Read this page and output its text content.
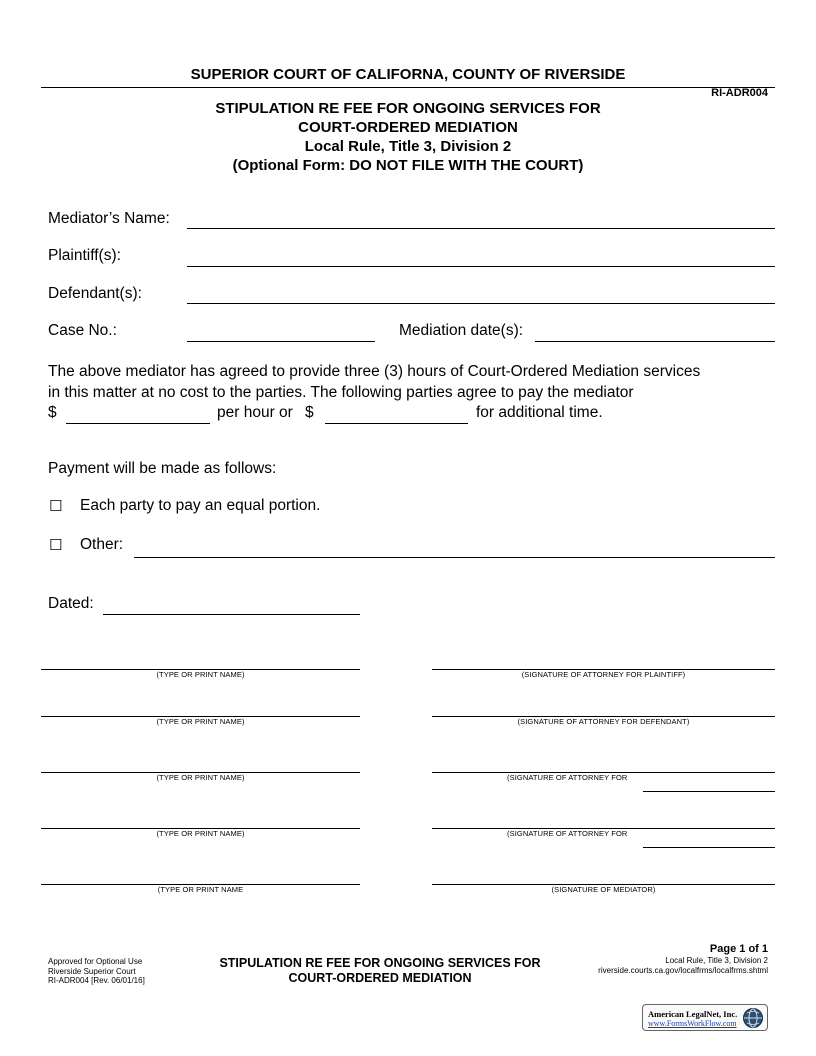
SUPERIOR COURT OF CALIFORNA, COUNTY OF RIVERSIDE
RI-ADR004
STIPULATION RE FEE FOR ONGOING SERVICES FOR
COURT-ORDERED MEDIATION
Local Rule, Title 3, Division 2
(Optional Form: DO NOT FILE WITH THE COURT)
Mediator’s Name:
Plaintiff(s):
Defendant(s):
Case No.:	Mediation date(s):
The above mediator has agreed to provide three (3) hours of Court-Ordered Mediation services
in this matter at no cost to the parties. The following parties agree to pay the mediator
$	per hour or $	for additional time.
Payment will be made as follows:
☐ Each party to pay an equal portion.
☐ Other:
Dated:
(TYPE OR PRINT NAME)	(SIGNATURE OF ATTORNEY FOR PLAINTIFF)
(TYPE OR PRINT NAME)	(SIGNATURE OF ATTORNEY FOR DEFENDANT)
(TYPE OR PRINT NAME)	(SIGNATURE OF ATTORNEY FOR
(TYPE OR PRINT NAME)	(SIGNATURE OF ATTORNEY FOR
(TYPE OR PRINT NAME	(SIGNATURE OF MEDIATOR)
Approved for Optional Use
Riverside Superior Court
RI-ADR004 [Rev. 06/01/16]
STIPULATION RE FEE FOR ONGOING SERVICES FOR
COURT-ORDERED MEDIATION
Page 1 of 1
Local Rule, Title 3, Division 2
riverside.courts.ca.gov/localfrms/localfrms.shtml
American LegalNet, Inc.
www.FormsWorkFlow.com
